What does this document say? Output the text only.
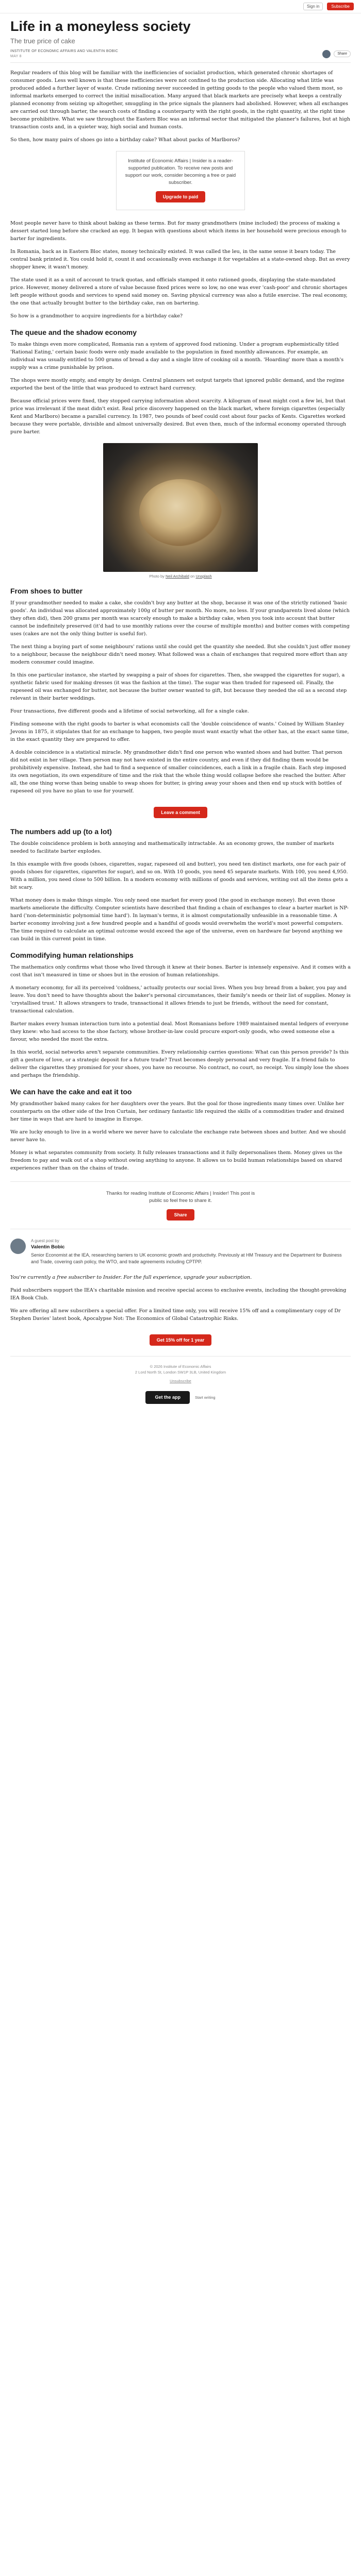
Sign in	Subscribe
Life in a moneyless society
The true price of cake
INSTITUTE OF ECONOMIC AFFAIRS AND VALENTIN BOBIC
MAY 8
Share

Regular readers of this blog will be familiar with the inefficiencies of socialist production, which generated chronic shortages of consumer goods. Less well known is that these inefficiencies were not confined to the production side. Allocating what little was produced added a further layer of waste. Crude rationing never succeeded in getting goods to the people who valued them most, so informal markets emerged to correct the initial misallocation. Many argued that black markets are precisely what keeps a centrally planned economy from seizing up altogether, smuggling in the price signals the planners had abolished. However, when all exchanges are carried out through barter, the search costs of finding a counterparty with the right goods, in the right quantity, at the right time become prohibitive. What we saw throughout the Eastern Bloc was an informal sector that mitigated the planner's failures, but at high transaction costs and, in a quieter way, high social and human costs.

So then, how many pairs of shoes go into a birthday cake? What about packs of Marlboros?

Institute of Economic Affairs | Insider is a reader-supported publication. To receive new posts and support our work, consider becoming a free or paid subscriber.

Upgrade to paid

Most people never have to think about baking as these terms. But for many grandmothers (mine included) the process of making a dessert started long before she cracked an egg. It began with questions about which items in her household were precious enough to barter for ingredients.

In Romania, back as in Eastern Bloc states, money technically existed. It was called the leu, in the same sense it bears today. The central bank printed it. You could hold it, count it and occasionally even exchange it for vegetables at a state-owned shop. But as every shopper knew, it wasn't money.

The state used it as a unit of account to track quotas, and officials stamped it onto rationed goods, displaying the state-mandated price. However, money delivered a store of value because fixed prices were so low, no one was ever 'cash-poor' and chronic shortages left people without goods and services to spend said money on. Saving physical currency was also a futile exercise. The real economy, the one that actually brought butter to the birthday cake, ran on bartering.

So how is a grandmother to acquire ingredients for a birthday cake?

The queue and the shadow economy

To make things even more complicated, Romania ran a system of approved food rationing. Under a program euphemistically titled 'Rational Eating,' certain basic foods were only made available to the population in fixed monthly allowances. For example, an individual was usually entitled to 500 grams of bread a day and a single litre of cooking oil a month. 'Hoarding' more than a month's supply was a crime punishable by prison.

The shops were mostly empty, and empty by design. Central planners set output targets that ignored public demand, and the regime exported the best of the little that was produced to extract hard currency.

Because official prices were fixed, they stopped carrying information about scarcity. A kilogram of meat might cost a few lei, but that price was irrelevant if the meat didn't exist. Real price discovery happened on the black market, where foreign cigarettes (especially Kent and Marlboro) became a parallel currency. In 1987, two pounds of beef could cost about four packs of Kents. Cigarettes worked because they were portable, divisible and almost universally desired. But even then, much of the informal economy operated through pure barter.

Photo by Neil Archibald on Unsplash
From shoes to butter

If your grandmother needed to make a cake, she couldn't buy any butter at the shop, because it was one of the strictly rationed 'basic goods'. An individual was allocated approximately 100g of butter per month. No more, no less. If your grandparents lived alone (which they often did), then 200 grams per month was scarcely enough to make a birthday cake, when you took into account that butter cannot be indefinitely preserved (it'd had to use monthly rations over the course of multiple months) and butter comes with competing uses (cakes are not the only thing butter is useful for).

The next thing a buying part of some neighbours' rations until she could get the quantity she needed. But she couldn't just offer money to a neighbour, because the neighbour didn't need money. What followed was a chain of exchanges that required more effort than any modern consumer could imagine.

In this one particular instance, she started by swapping a pair of shoes for cigarettes. Then, she swapped the cigarettes for sugar), a synthetic fabric used for making dresses (it was the fashion at the time). The sugar was then traded for rapeseed oil. Finally, the rapeseed oil was exchanged for butter, not because the butter owner wanted to gift, but because they needed the oil as a second step relevant in their barter weddings.

Four transactions, five different goods and a lifetime of social networking, all for a single cake.

Finding someone with the right goods to barter is what economists call the 'double coincidence of wants.' Coined by William Stanley Jevons in 1875, it stipulates that for an exchange to happen, two people must want exactly what the other has, at the exact same time, in the exact quantity they are prepared to offer.

A double coincidence is a statistical miracle. My grandmother didn't find one person who wanted shoes and had butter. That person did not exist in her village. Then person may not have existed in the entire country, and even if they did finding them would be prohibitively expensive. Instead, she had to find a sequence of smaller coincidences, each a link in a fragile chain. Each step imposed its own negotiation, its own expenditure of time and the risk that the whole thing would collapse before she reached the butter. After all, the one thing worse than being unable to swap shoes for butter, is giving away your shoes and then end up stuck with bottles of rapeseed oil you have no plan to use for yourself.

Leave a comment
The numbers add up (to a lot)

The double coincidence problem is both annoying and mathematically intractable. As an economy grows, the number of markets needed to facilitate barter explodes.

In this example with five goods (shoes, cigarettes, sugar, rapeseed oil and butter), you need ten distinct markets, one for each pair of goods (shoes for cigarettes, cigarettes for sugar), and so on. With 10 goods, you need 45 separate markets. With 100, you need 4,950. With a million, you need close to 500 billion. In a modern economy with millions of goods and services, writing out all the items gets a bit scary.

What money does is make things simple. You only need one market for every good (the good in exchange money). But even those markets ameliorate the difficulty. Computer scientists have described that finding a chain of exchanges to clear a barter market is NP-hard ('non-deterministic polynomial time hard'). In layman's terms, it is almost computationally unfeasible in a reasonable time. A barter economy involving just a few hundred people and a handful of goods would overwhelm the world's most powerful computers. The time required to calculate an optimal outcome would exceed the age of the universe, even on hardware far beyond anything we can build in this current point in time.

Commodifying human relationships

The mathematics only confirms what those who lived through it knew at their bones. Barter is intensely expensive. And it comes with a cost that isn't measured in time or shoes but in the erosion of human relationships.

A monetary economy, for all its perceived 'coldness,' actually protects our social lives. When you buy bread from a baker, you pay and leave. You don't need to have thoughts about the baker's personal circumstances, their family's needs or their list of supplies. Money is 'crystallised trust.' It allows strangers to trade, transactional it allows friends to just be friends, without the need for constant, transactional calculation.

Barter makes every human interaction turn into a potential deal. Most Romanians before 1989 maintained mental ledgers of everyone they knew: who had access to the shoe factory, whose brother-in-law could procure export-only goods, who owed someone else a favour, who needed the most the extra.

In this world, social networks aren't separate communities. Every relationship carries questions: What can this person provide? Is this gift a gesture of love, or a strategic deposit for a future trade? Trust becomes deeply personal and very fragile. If a friend fails to deliver the cigarettes they promised for your shoes, you have no recourse. No contract, no court, no receipt. You simply lose the shoes and perhaps the friendship.

We can have the cake and eat it too

My grandmother baked many cakes for her daughters over the years. But the goal for those ingredients many times over. Unlike her counterparts on the other side of the Iron Curtain, her ordinary fantastic life required the skills of a commodities trader and drained her time in ways that are hard to imagine in Europe.

We are lucky enough to live in a world where we never have to calculate the exchange rate between shoes and butter. And we should never have to.

Money is what separates community from society. It fully releases transactions and it fully depersonalises them. Money gives us the freedom to pay and walk out of a shop without owing anything to anyone. It allows us to build human relationships based on shared experiences rather than on the chains of trade.

Thanks for reading Institute of Economic Affairs | Insider! This post is public so feel free to share it.

Share
A guest post by
Valentin Bobic
Senior Economist at the IEA, researching barriers to UK economic growth and productivity. Previously at HM Treasury and the Department for Business and Trade, covering cash policy, the WTO, and trade agreements including CPTPP.

You're currently a free subscriber to Insider. For the full experience, upgrade your subscription.

Paid subscribers support the IEA's charitable mission and receive special access to exclusive events, including the thought-provoking IEA Book Club.

We are offering all new subscribers a special offer. For a limited time only, you will receive 15% off and a complimentary copy of Dr Stephen Davies' latest book, Apocalypse Not: The Economics of Global Catastrophic Risks.

Get 15% off for 1 year
© 2026 Institute of Economic Affairs
2 Lord North St, London SW1P 3LB, United Kingdom
Unsubscribe
Get the app	Start writing
